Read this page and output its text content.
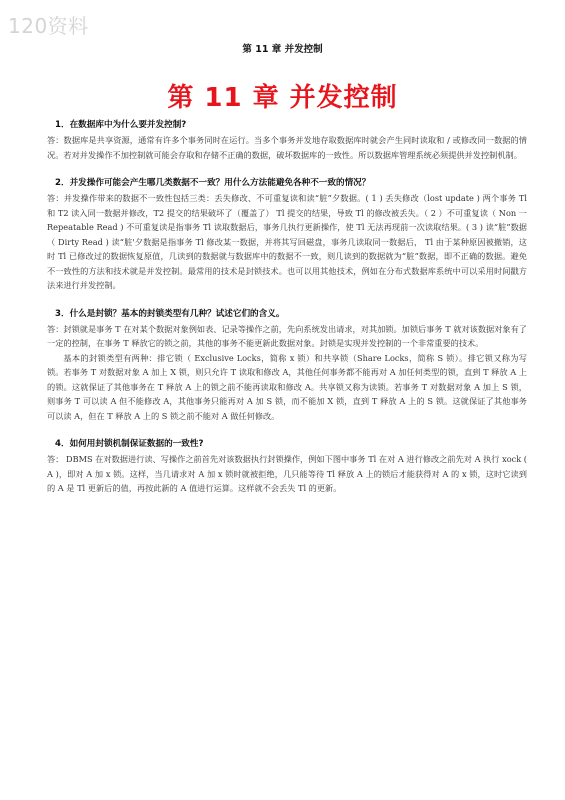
120资料
第 11 章 并发控制
第 11 章 并发控制
1．在数据库中为什么要并发控制?

答：数据库是共享资源，通常有许多个事务同时在运行。当多个事务并发地存取数据库时就会产生同时读取和 / 或修改同一数据的情况。若对并发操作不加控制就可能会存取和存储不正确的数据，破坏数据库的一致性。所以数据库管理系统必须提供并发控制机制。

2．并发操作可能会产生哪几类数据不一致？用什么方法能避免各种不一致的情况？

答：并发操作带来的数据不一致性包括三类：丢失修改、不可重复读和读“脏”夕数据。( 1 ) 丢失修改（lost update ) 两个事务 Tl 和 T2 读入同一数据并修改，T2 提交的结果破坏了（覆盖了） Tl 提交的结果，导致 Tl 的修改被丢失。（ 2 ）不可重复读（ Non 一 Repeatable Read ) 不可重复读是指事务 Tl 读取数据后，事务几执行更新操作，使 Tl 无法再现前一次读取结果。( 3 ) 读“脏”数据（ Dirty Read ) 读“脏'夕数据是指事务 Tl 修改某一数据，并将其写回磁盘，事务几读取同一数据后， Tl 由于某种原因被撤销，这时 Tl 已修改过的数据恢复原值，几读到的数据就与数据库中的数据不一致，则几读到的数据就为“脏”数据，即不正确的数据。避免不一致性的方法和技术就是并发控制。最常用的技术是封锁技术。也可以用其他技术，例如在分布式数据库系统中可以采用时间戳方法来进行并发控制。

3．什么是封锁？基本的封锁类型有几种？试述它们的含义。

答：封锁就是事务 T 在对某个数据对象例如表、记录等操作之前，先向系统发出请求，对其加锁。加锁后事务 T 就对该数据对象有了一定的控制，在事务 T 释放它的锁之前，其他的事务不能更新此数据对象。封锁是实现并发控制的一个非常重要的技术。

基本的封锁类型有两种：排它锁（ Exclusive Locks，简称 x 锁）和共享锁（Share Locks，简称 S 锁）。排它锁又称为写锁。若事务 T 对数据对象 A 加上 X 锁，则只允许 T 读取和修改 A，其他任何事务都不能再对 A 加任何类型的锁，直到 T 释放 A 上的锁。这就保证了其他事务在 T 释放 A 上的锁之前不能再读取和修改 A。共享锁又称为读锁。若事务 T 对数据对象 A 加上 S 锁，则事务 T 可以读 A 但不能修改 A，其他事务只能再对 A 加 S 锁，而不能加 X 锁，直到 T 释放 A 上的 S 锁。这就保证了其他事务可以读 A，但在 T 释放 A 上的 S 锁之前不能对 A 做任何修改。

4．如何用封锁机制保证数据的一致性?

答： DBMS 在对数据进行读、写操作之前首先对该数据执行封锁操作，例如下图中事务 Tl 在对 A 进行修改之前先对 A 执行 xock ( A )，即对 A 加 x 锁。这样，当几请求对 A 加 x 锁时就被拒绝，几只能等待 Tl 释放 A 上的锁后才能获得对 A 的 x 锁，这时它读到的 A 是 Tl 更新后的值，再按此新的 A 值进行运算。这样就不会丢失 Tl 的更新。
